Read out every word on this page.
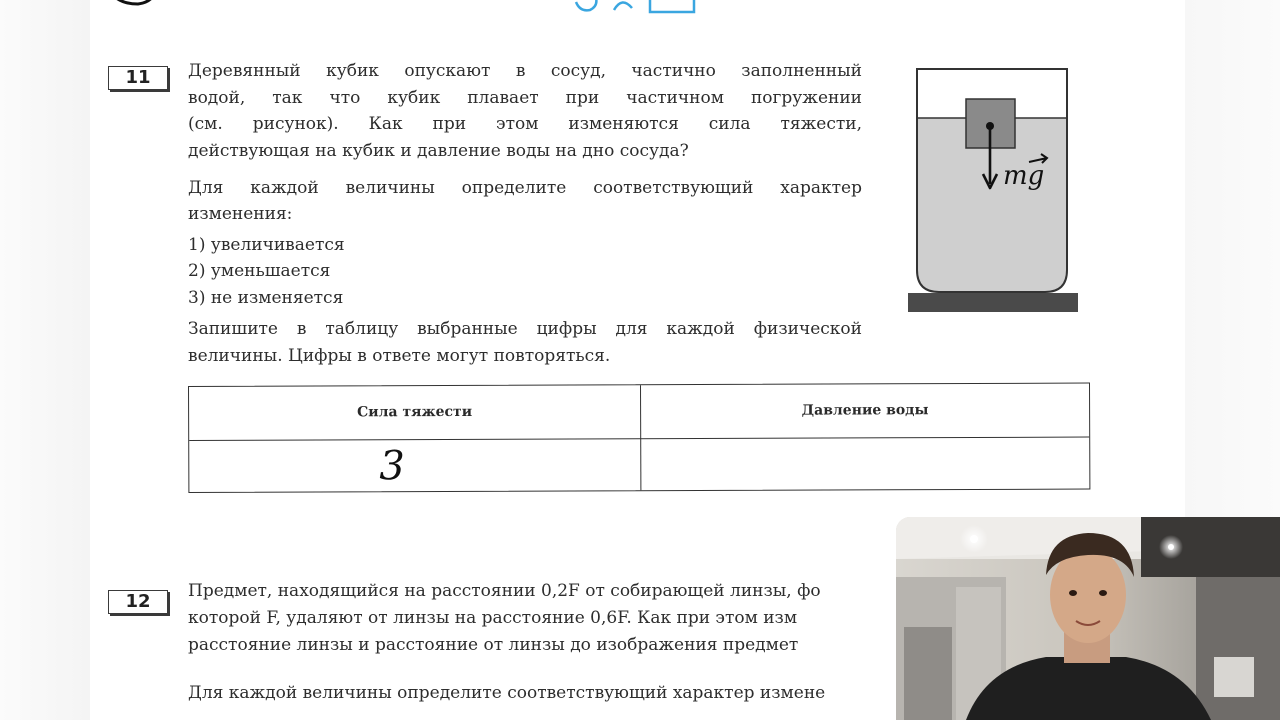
11	Деревянный кубик опускают в сосуд, частично заполненный

водой, так что кубик плавает при частичном погружении

(см. рисунок). Как при этом изменяются сила тяжести,

действующая на кубик и давление воды на дно сосуда?

Для каждой величины определите соответствующий характер

изменения:

1) увеличивается
2) уменьшается
3) не изменяется

Запишите в таблицу выбранные цифры для каждой физической

величины. Цифры в ответе могут повторяться.

Сила тяжести	Давление воды
3
mg
12	Предмет, находящийся на расстоянии 0,2F от собирающей линзы, фо

которой F, удаляют от линзы на расстояние 0,6F. Как при этом изм

расстояние линзы и расстояние от линзы до изображения предмет

Для каждой величины определите соответствующий характер измене
